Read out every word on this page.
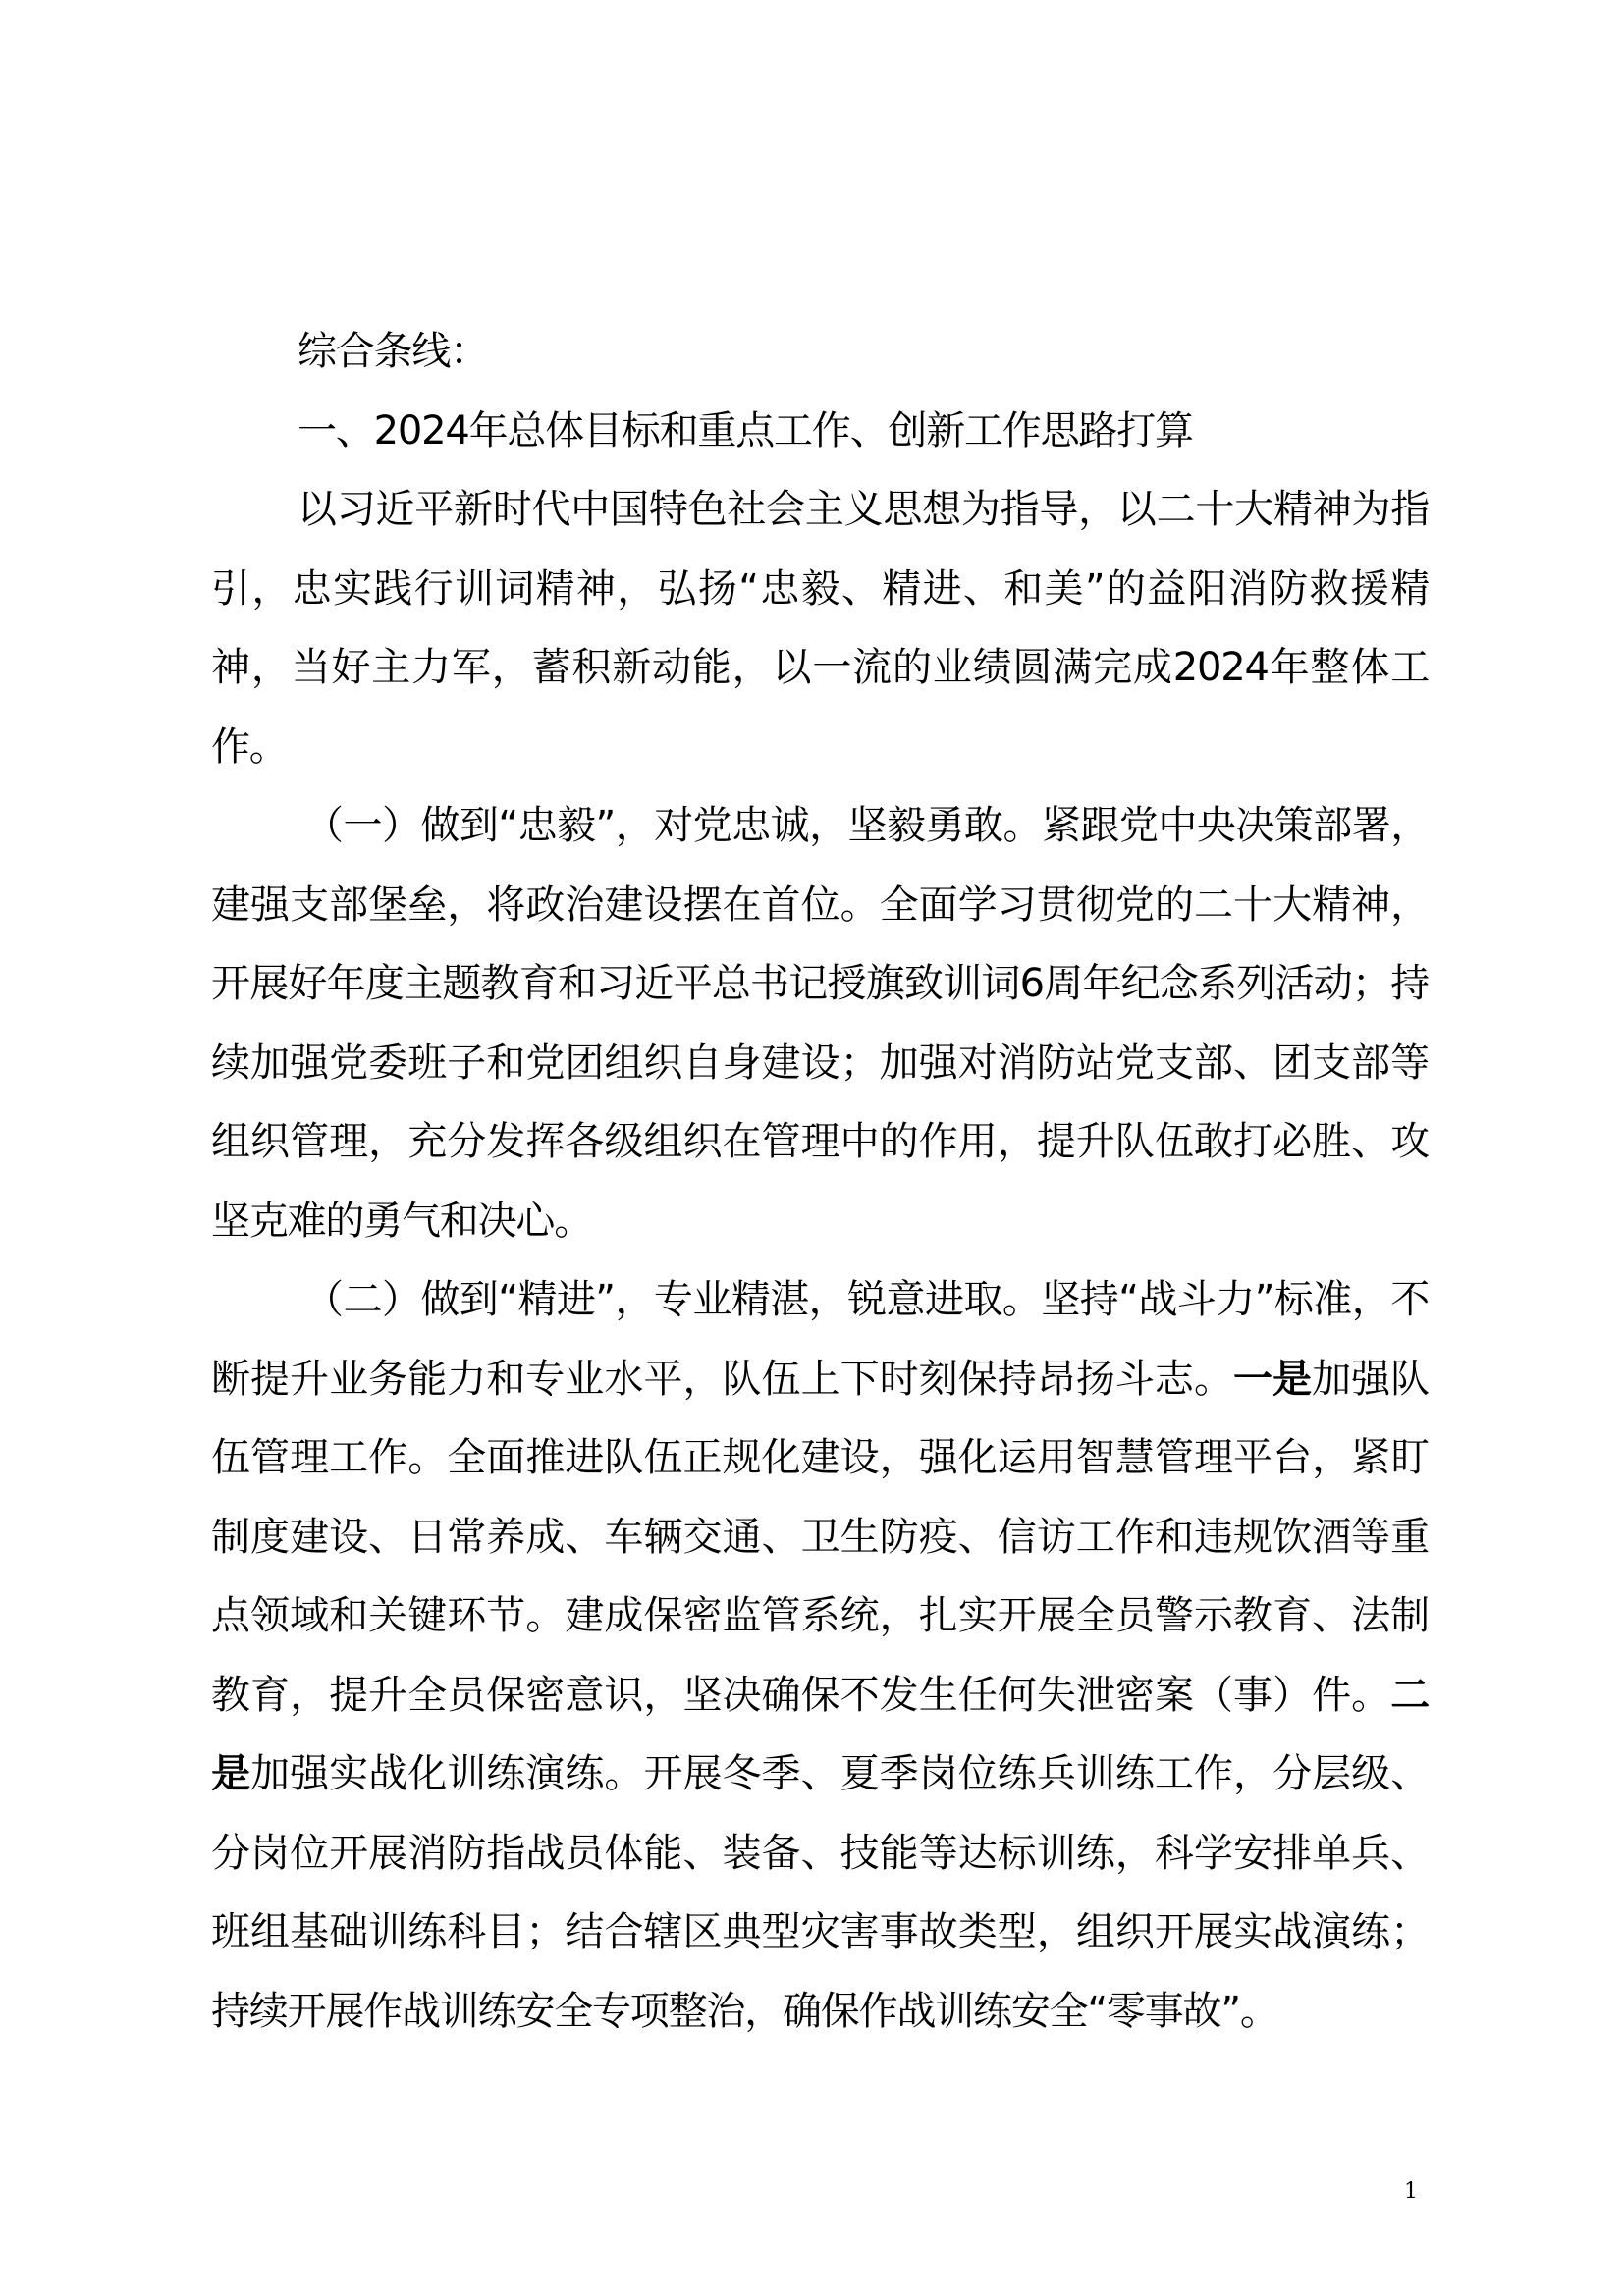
综合条线：

一、2024年总体目标和重点工作、创新工作思路打算

以习近平新时代中国特色社会主义思想为指导，以二十大精神为指引，忠实践行训词精神，弘扬“忠毅、精进、和美”的益阳消防救援精神，当好主力军，蓄积新动能，以一流的业绩圆满完成2024年整体工作。

（一）做到“忠毅”，对党忠诚，坚毅勇敢。紧跟党中央决策部署，建强支部堡垒，将政治建设摆在首位。全面学习贯彻党的二十大精神，开展好年度主题教育和习近平总书记授旗致训词6周年纪念系列活动；持续加强党委班子和党团组织自身建设；加强对消防站党支部、团支部等组织管理，充分发挥各级组织在管理中的作用，提升队伍敢打必胜、攻坚克难的勇气和决心。

（二）做到“精进”，专业精湛，锐意进取。坚持“战斗力”标准，不断提升业务能力和专业水平，队伍上下时刻保持昂扬斗志。一是加强队伍管理工作。全面推进队伍正规化建设，强化运用智慧管理平台，紧盯制度建设、日常养成、车辆交通、卫生防疫、信访工作和违规饮酒等重点领域和关键环节。建成保密监管系统，扎实开展全员警示教育、法制教育，提升全员保密意识，坚决确保不发生任何失泄密案（事）件。二是加强实战化训练演练。开展冬季、夏季岗位练兵训练工作，分层级、分岗位开展消防指战员体能、装备、技能等达标训练，科学安排单兵、班组基础训练科目；结合辖区典型灾害事故类型，组织开展实战演练；持续开展作战训练安全专项整治，确保作战训练安全“零事故”。

1
